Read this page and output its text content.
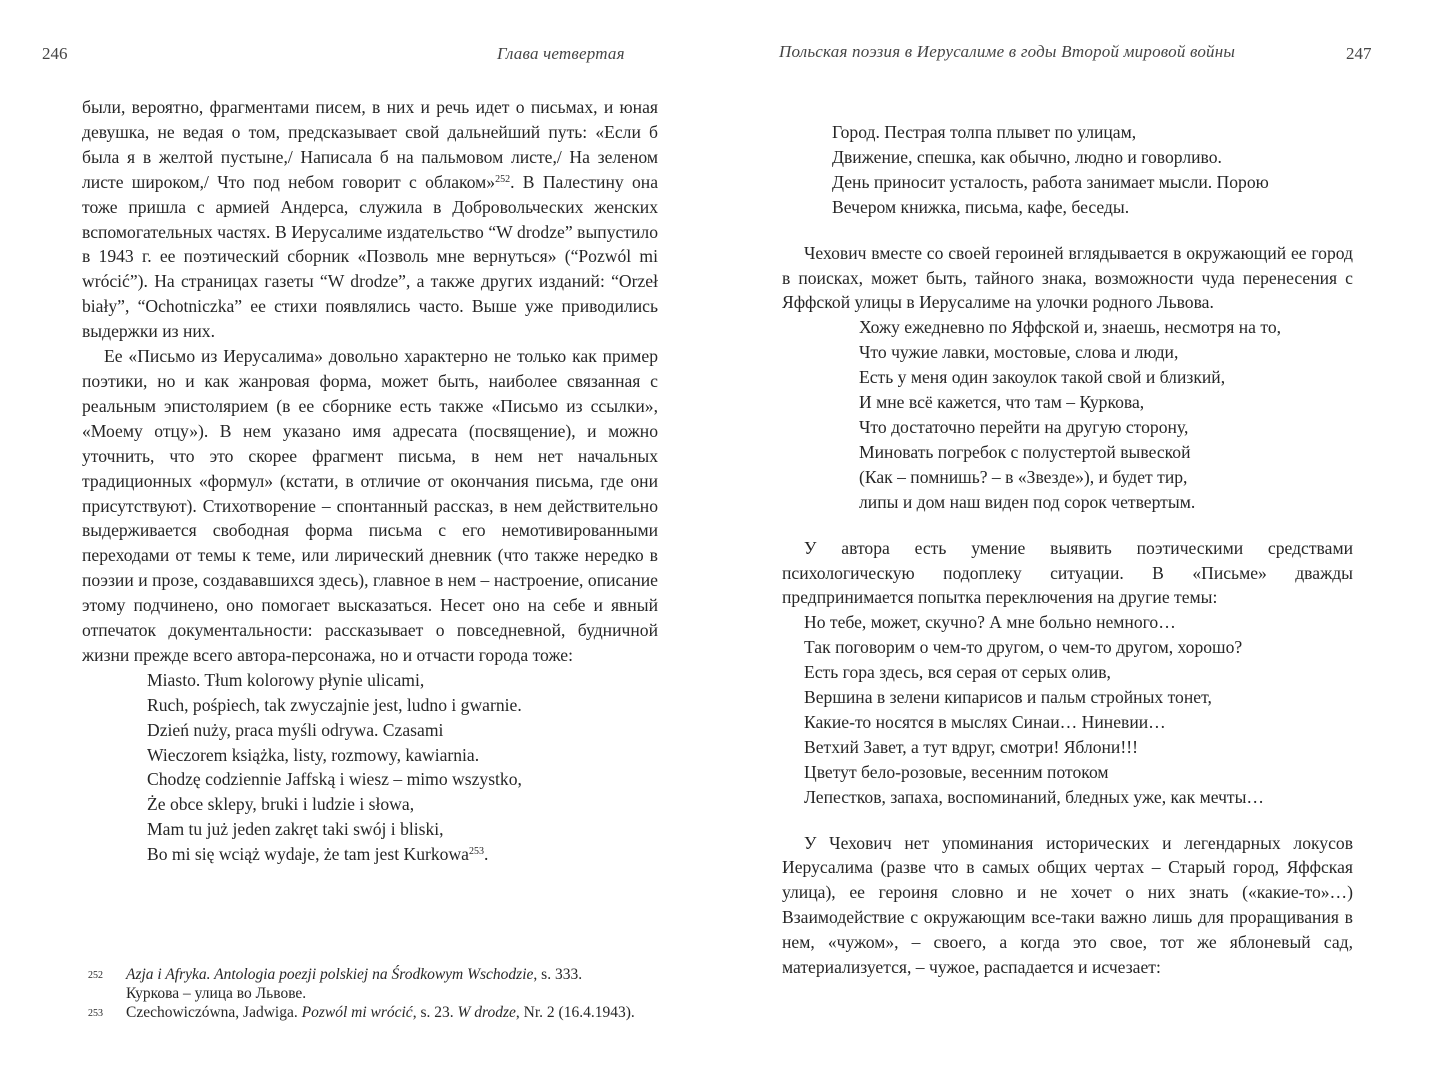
246	Глава четвертая

были, вероятно, фрагментами писем, в них и речь идет о письмах, и юная девушка, не ведая о том, предсказывает свой дальнейший путь: «Если б была я в желтой пустыне,/ Написала б на пальмовом листе,/ На зеленом листе широком,/ Что под небом говорит с облаком»$^{252}$. В Палестину она тоже пришла с армией Андерса, служила в Добровольческих женских вспомогательных частях. В Иерусалиме издательство “W drodze” выпустило в 1943 г. ее поэтический сборник «Позволь мне вернуться» (“Pozwól mi wrócić”). На страницах газеты “W drodze”, а также других изданий: “Orzeł biały”, “Ochotniczka” ее стихи появлялись часто. Выше уже приводились выдержки из них.

Ее «Письмо из Иерусалима» довольно характерно не только как пример поэтики, но и как жанровая форма, может быть, наиболее связанная с реальным эпистолярием (в ее сборнике есть также «Письмо из ссылки», «Моему отцу»). В нем указано имя адресата (посвящение), и можно уточнить, что это скорее фрагмент письма, в нем нет начальных традиционных «формул» (кстати, в отличие от окончания письма, где они присутствуют). Стихотворение – спонтанный рассказ, в нем действительно выдерживается свободная форма письма с его немотивированными переходами от темы к теме, или лирический дневник (что также нередко в поэзии и прозе, создававшихся здесь), главное в нем – настроение, описание этому подчинено, оно помогает высказаться. Несет оно на себе и явный отпечаток документальности: рассказывает о повседневной, будничной жизни прежде всего автора-персонажа, но и отчасти города тоже:

Miasto. Tłum kolorowy płynie ulicami,
Ruch, pośpiech, tak zwyczajnie jest, ludno i gwarnie.
Dzień nuży, praca myśli odrywa. Czasami
Wieczorem książka, listy, rozmowy, kawiarnia.
Chodzę codziennie Jaffską i wiesz – mimo wszystko,
Że obce sklepy, bruki i ludzie i słowa,
Mam tu już jeden zakręt taki swój i bliski,
Bo mi się wciąż wydaje, że tam jest Kurkowa$^{253}$.
252	Azja i Afryka. Antologia poezji polskiej na Środkowym Wschodzie, s. 333.
Куркова – улица во Львове.
253	Czechowiczówna, Jadwiga. Pozwól mi wrócić, s. 23. W drodze, Nr. 2 (16.4.1943).
Польская поэзия в Иерусалиме в годы Второй мировой войны	247
Город. Пестрая толпа плывет по улицам,
Движение, спешка, как обычно, людно и говорливо.
День приносит усталость, работа занимает мысли. Порою
Вечером книжка, письма, кафе, беседы.

Чехович вместе со своей героиней вглядывается в окружающий ее город в поисках, может быть, тайного знака, возможности чуда перенесения с Яффской улицы в Иерусалиме на улочки родного Львова.

Хожу ежедневно по Яффской и, знаешь, несмотря на то,
Что чужие лавки, мостовые, слова и люди,
Есть у меня один закоулок такой свой и близкий,
И мне всё кажется, что там – Куркова,
Что достаточно перейти на другую сторону,
Миновать погребок с полустертой вывеской
(Как – помнишь? – в «Звезде»), и будет тир,
липы и дом наш виден под сорок четвертым.

У автора есть умение выявить поэтическими средствами психологическую подоплеку ситуации. В «Письме» дважды предпринимается попытка переключения на другие темы:

Но тебе, может, скучно? А мне больно немного…
Так поговорим о чем-то другом, о чем-то другом, хорошо?
Есть гора здесь, вся серая от серых олив,
Вершина в зелени кипарисов и пальм стройных тонет,
Какие-то носятся в мыслях Синаи… Ниневии…
Ветхий Завет, а тут вдруг, смотри! Яблони!!!
Цветут бело-розовые, весенним потоком
Лепестков, запаха, воспоминаний, бледных уже, как мечты…

У Чехович нет упоминания исторических и легендарных локусов Иерусалима (разве что в самых общих чертах – Старый город, Яффская улица), ее героиня словно и не хочет о них знать («какие-то»…) Взаимодействие с окружающим все-таки важно лишь для проращивания в нем, «чужом», – своего, а когда это свое, тот же яблоневый сад, материализуется, – чужое, распадается и исчезает:
